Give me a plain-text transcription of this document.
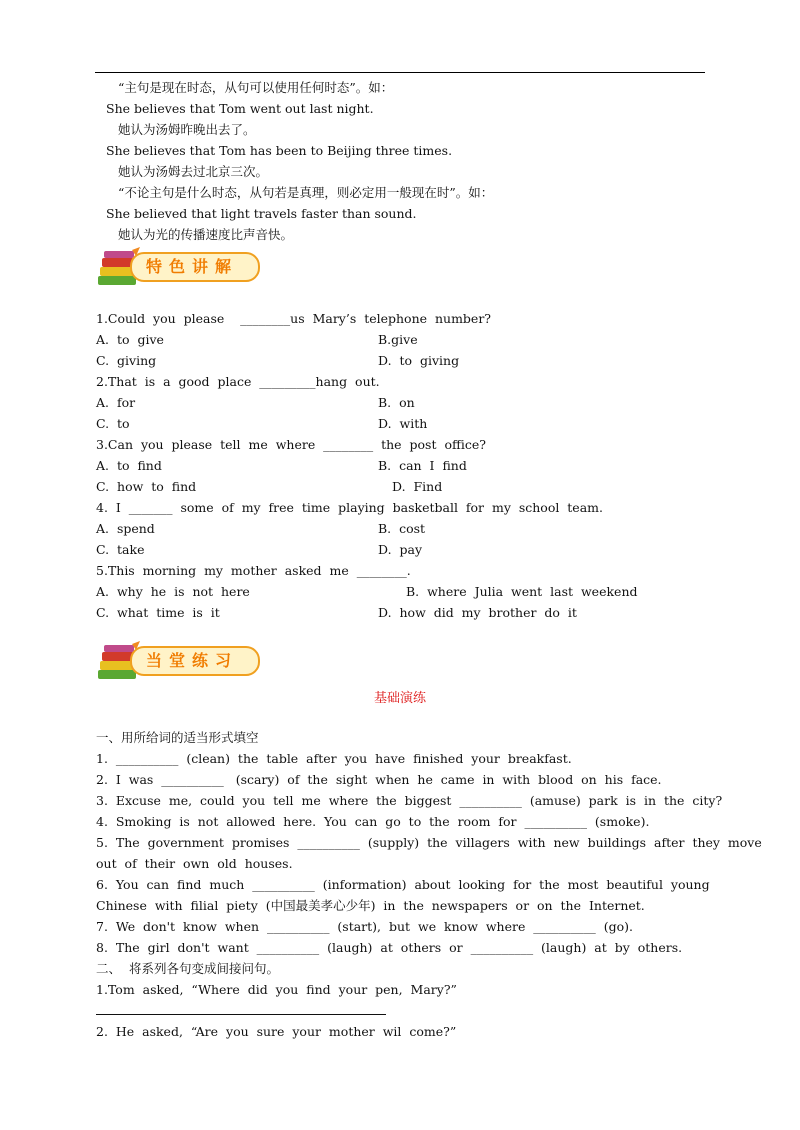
“主句是现在时态，从句可以使用任何时态”。如：
She believes that Tom went out last night.
她认为汤姆昨晚出去了。
She believes that Tom has been to Beijing three times.
她认为汤姆去过北京三次。
“不论主句是什么时态，从句若是真理，则必定用一般现在时”。如：
She believed that light travels faster than sound.
她认为光的传播速度比声音快。
特色讲解
1.Could  you  please    ________us  Mary’s  telephone  number?
A.  to  give	B.give
C.  giving	D.  to  giving
2.That  is  a  good  place  _________hang  out.
A.  for	B.  on
C.  to	D.  with
3.Can  you  please  tell  me  where  ________  the  post  office?
A.  to  find	B.  can  I  find
C.  how  to  find	D.  Find
4.  I  _______  some  of  my  free  time  playing  basketball  for  my  school  team.
A.  spend	B.  cost
C.  take	D.  pay
5.This  morning  my  mother  asked  me  ________.
A.  why  he  is  not  here	B.  where  Julia  went  last  weekend
C.  what  time  is  it	D.  how  did  my  brother  do  it
当堂练习
基础演练
一、用所给词的适当形式填空
1.  __________  (clean)  the  table  after  you  have  finished  your  breakfast.
2.  I  was  __________   (scary)  of  the  sight  when  he  came  in  with  blood  on  his  face.
3.  Excuse  me,  could  you  tell  me  where  the  biggest  __________  (amuse)  park  is  in  the  city?
4.  Smoking  is  not  allowed  here.  You  can  go  to  the  room  for  __________  (smoke).
5.  The  government  promises  __________  (supply)  the  villagers  with  new  buildings  after  they  move
out  of  their  own  old  houses.
6.  You  can  find  much  __________  (information)  about  looking  for  the  most  beautiful  young
Chinese  with  filial  piety  (中国最美孝心少年)  in  the  newspapers  or  on  the  Internet.
7.  We  don't  know  when  __________  (start),  but  we  know  where  __________  (go).
8.  The  girl  don't  want  __________  (laugh)  at  others  or  __________  (laugh)  at  by  others.
二、  将系列各句变成间接问句。
1.Tom  asked,  “Where  did  you  find  your  pen,  Mary?”
2.  He  asked,  “Are  you  sure  your  mother  wil  come?”
